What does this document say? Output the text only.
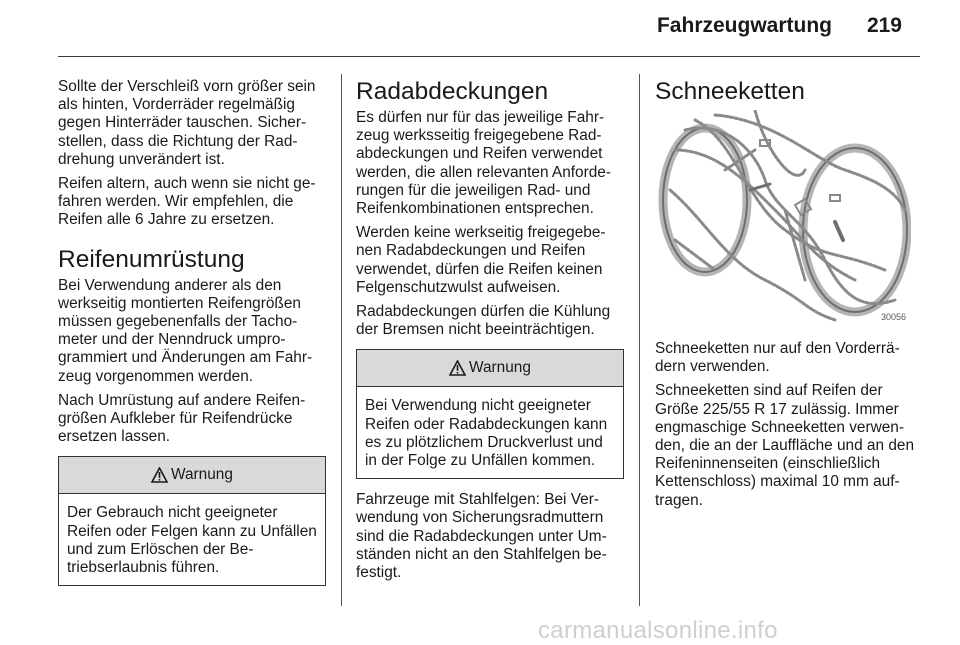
Fahrzeugwartung 219

Sollte der Verschleiß vorn größer sein als hinten, Vorderräder regelmäßig gegen Hinterräder tauschen. Sicherstellen, dass die Richtung der Raddrehung unverändert ist.

Reifen altern, auch wenn sie nicht gefahren werden. Wir empfehlen, die Reifen alle 6 Jahre zu ersetzen.

Reifenumrüstung

Bei Verwendung anderer als den werkseitig montierten Reifengrößen müssen gegebenenfalls der Tachometer und der Nenndruck umprogrammiert und Änderungen am Fahrzeug vorgenommen werden.

Nach Umrüstung auf andere Reifengrößen Aufkleber für Reifendrücke ersetzen lassen.

Warnung
Der Gebrauch nicht geeigneter Reifen oder Felgen kann zu Unfällen und zum Erlöschen der Betriebserlaubnis führen.
Radabdeckungen

Es dürfen nur für das jeweilige Fahrzeug werksseitig freigegebene Radabdeckungen und Reifen verwendet werden, die allen relevanten Anforderungen für die jeweiligen Rad- und Reifenkombinationen entsprechen.

Werden keine werkseitig freigegebenen Radabdeckungen und Reifen verwendet, dürfen die Reifen keinen Felgenschutzwulst aufweisen.

Radabdeckungen dürfen die Kühlung der Bremsen nicht beeinträchtigen.

Warnung
Bei Verwendung nicht geeigneter Reifen oder Radabdeckungen kann es zu plötzlichem Druckverlust und in der Folge zu Unfällen kommen.

Fahrzeuge mit Stahlfelgen: Bei Verwendung von Sicherungsradmuttern sind die Radabdeckungen unter Umständen nicht an den Stahlfelgen befestigt.

Schneeketten
30056

Schneeketten nur auf den Vorderrädern verwenden.

Schneeketten sind auf Reifen der Größe 225/55 R 17 zulässig. Immer engmaschige Schneeketten verwenden, die an der Lauffläche und an den Reifeninnenseiten (einschließlich Kettenschloss) maximal 10 mm auftragen.

carmanualsonline.info
